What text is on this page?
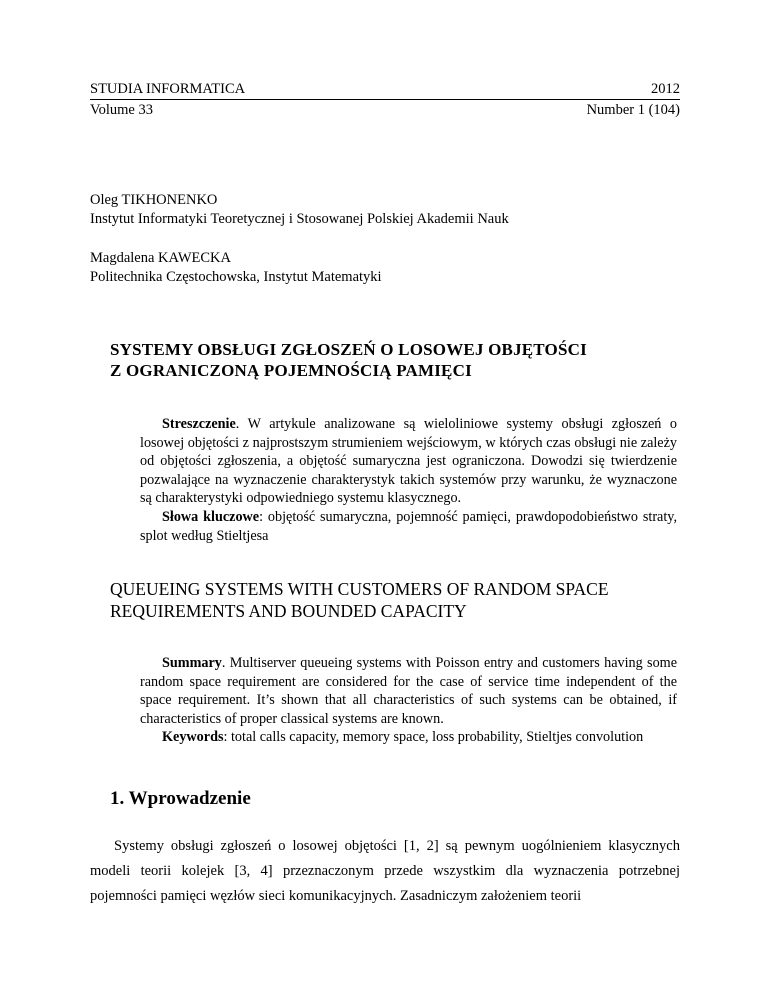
STUDIA INFORMATICA	2012
Volume 33	Number 1 (104)
Oleg TIKHONENKO
Instytut Informatyki Teoretycznej i Stosowanej Polskiej Akademii Nauk
Magdalena KAWECKA
Politechnika Częstochowska, Instytut Matematyki
SYSTEMY OBSŁUGI ZGŁOSZEŃ O LOSOWEJ OBJĘTOŚCI
Z OGRANICZONĄ POJEMNOŚCIĄ PAMIĘCI

Streszczenie. W artykule analizowane są wieloliniowe systemy obsługi zgłoszeń o losowej objętości z najprostszym strumieniem wejściowym, w których czas obsługi nie zależy od objętości zgłoszenia, a objętość sumaryczna jest ograniczona. Dowodzi się twierdzenie pozwalające na wyznaczenie charakterystyk takich systemów przy warunku, że wyznaczone są charakterystyki odpowiedniego systemu klasycznego.

Słowa kluczowe: objętość sumaryczna, pojemność pamięci, prawdopodobieństwo straty, splot według Stieltjesa

QUEUEING SYSTEMS WITH CUSTOMERS OF RANDOM SPACE
REQUIREMENTS AND BOUNDED CAPACITY

Summary. Multiserver queueing systems with Poisson entry and customers having some random space requirement are considered for the case of service time independent of the space requirement. It’s shown that all characteristics of such systems can be obtained, if characteristics of proper classical systems are known.

Keywords: total calls capacity, memory space, loss probability, Stieltjes convolution

1. Wprowadzenie

Systemy obsługi zgłoszeń o losowej objętości [1, 2] są pewnym uogólnieniem klasycznych modeli teorii kolejek [3, 4] przeznaczonym przede wszystkim dla wyznaczenia potrzebnej pojemności pamięci węzłów sieci komunikacyjnych. Zasadniczym założeniem teorii
